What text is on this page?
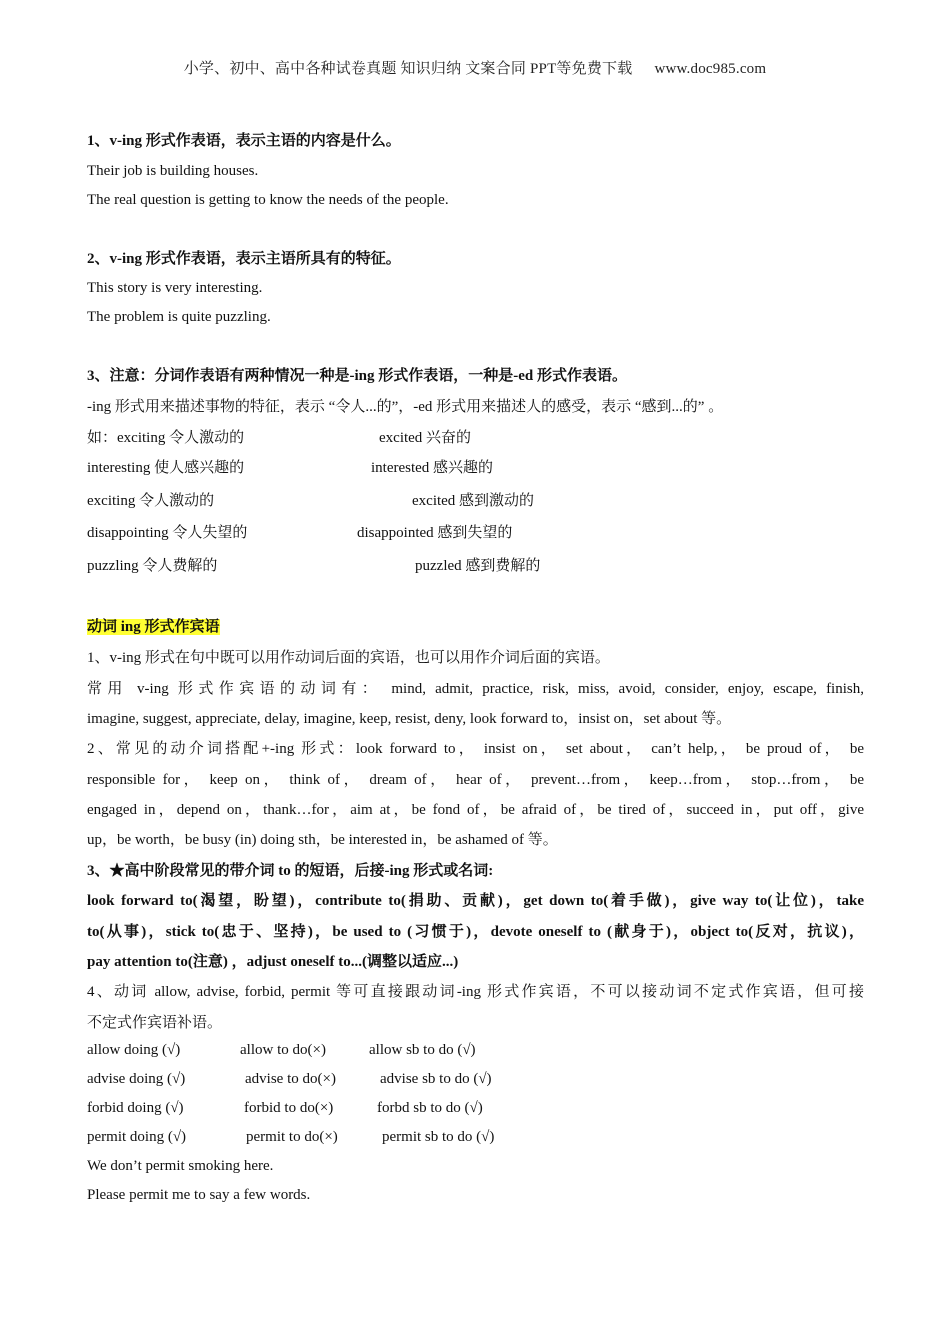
小学、初中、高中各种试卷真题 知识归纳 文案合同 PPT等免费下载 www.doc985.com
1、v-ing 形式作表语，表示主语的内容是什么。
Their job is building houses.
The real question is getting to know the needs of the people.
2、v-ing 形式作表语，表示主语所具有的特征。
This story is very interesting.
The problem is quite puzzling.
3、注意：分词作表语有两种情况一种是-ing 形式作表语，一种是-ed 形式作表语。
-ing 形式用来描述事物的特征，表示 “令人...的”，-ed 形式用来描述人的感受，表示 “感到...的” 。
如：exciting 令人激动的	excited 兴奋的
interesting 使人感兴趣的	interested 感兴趣的
exciting 令人激动的	excited 感到激动的
disappointing 令人失望的	disappointed 感到失望的
puzzling 令人费解的	puzzled 感到费解的
动词 ing 形式作宾语
1、v-ing 形式在句中既可以用作动词后面的宾语，也可以用作介词后面的宾语。
常用 v-ing 形式作宾语的动词有： mind, admit, practice, risk, miss, avoid, consider, enjoy, escape, finish,
imagine, suggest, appreciate, delay, imagine, keep, resist, deny, look forward to，insist on，set about 等。
2、常见的动介词搭配+-ing 形式：look forward to， insist on， set about， can’t help,， be proud of， be
responsible for， keep on， think of， dream of， hear of， prevent…from， keep…from， stop…from， be
engaged in，depend on，thank…for，aim at，be fond of，be afraid of，be tired of，succeed in，put off，give
up，be worth，be busy (in) doing sth，be interested in，be ashamed of 等。
3、★高中阶段常见的带介词 to 的短语，后接-ing 形式或名词:
look forward to(渴望，盼望)，contribute to(捐助、贡献)，get down to(着手做)，give way to(让位)，take
to(从事)，stick to(忠于、坚持)，be used to (习惯于)，devote oneself to (献身于)，object to(反对，抗议)，
pay attention to(注意) ，adjust oneself to...(调整以适应...)
4、动词 allow, advise, forbid, permit 等可直接跟动词-ing 形式作宾语，不可以接动词不定式作宾语，但可接
不定式作宾语补语。
allow doing (√)	allow to do(×)	allow sb to do (√)
advise doing (√)	advise to do(×)	advise sb to do (√)
forbid doing (√)	forbid to do(×)	forbd sb to do (√)
permit doing (√)	permit to do(×)	permit sb to do (√)
We don’t permit smoking here.
Please permit me to say a few words.
